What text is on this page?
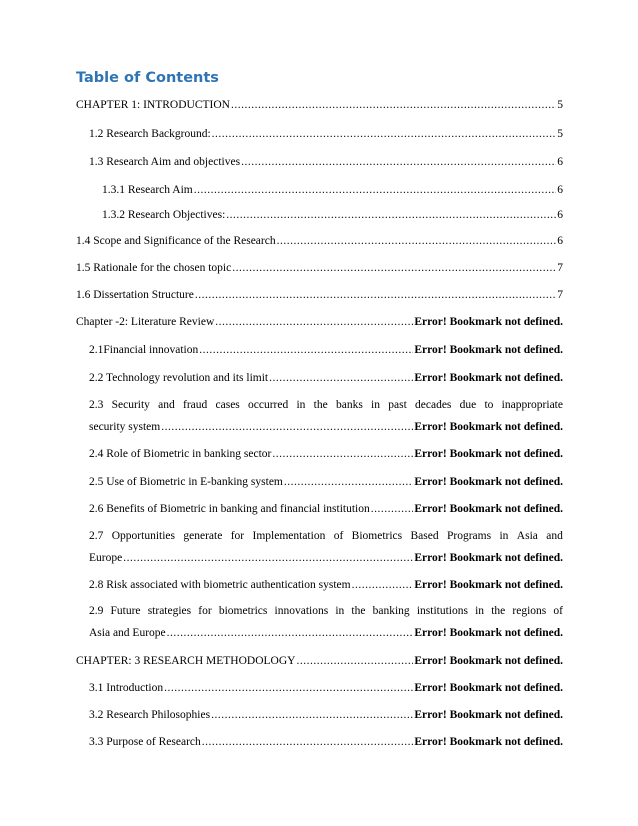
Table of Contents
CHAPTER 1: INTRODUCTION .....	5
1.2 Research Background: .....	5
1.3 Research Aim and objectives .....	6
1.3.1 Research Aim .....	6
1.3.2 Research Objectives: .....	6
1.4 Scope and Significance of the Research .....	6
1.5 Rationale for the chosen topic .....	7
1.6 Dissertation Structure .....	7
Chapter -2: Literature Review .....	Error! Bookmark not defined.
2.1Financial innovation .....	Error! Bookmark not defined.
2.2 Technology revolution and its limit .....	Error! Bookmark not defined.
2.3 Security and fraud cases occurred in the banks in past decades due to inappropriate
security system .....	Error! Bookmark not defined.
2.4 Role of Biometric in banking sector .....	Error! Bookmark not defined.
2.5 Use of Biometric in E-banking system .....	Error! Bookmark not defined.
2.6 Benefits of Biometric in banking and financial institution .....	Error! Bookmark not defined.
2.7 Opportunities generate for Implementation of Biometrics Based Programs in Asia and
Europe .....	Error! Bookmark not defined.
2.8 Risk associated with biometric authentication system .....	Error! Bookmark not defined.
2.9 Future strategies for biometrics innovations in the banking institutions in the regions of
Asia and Europe .....	Error! Bookmark not defined.
CHAPTER: 3 RESEARCH METHODOLOGY .....	Error! Bookmark not defined.
3.1 Introduction .....	Error! Bookmark not defined.
3.2 Research Philosophies .....	Error! Bookmark not defined.
3.3 Purpose of Research .....	Error! Bookmark not defined.
